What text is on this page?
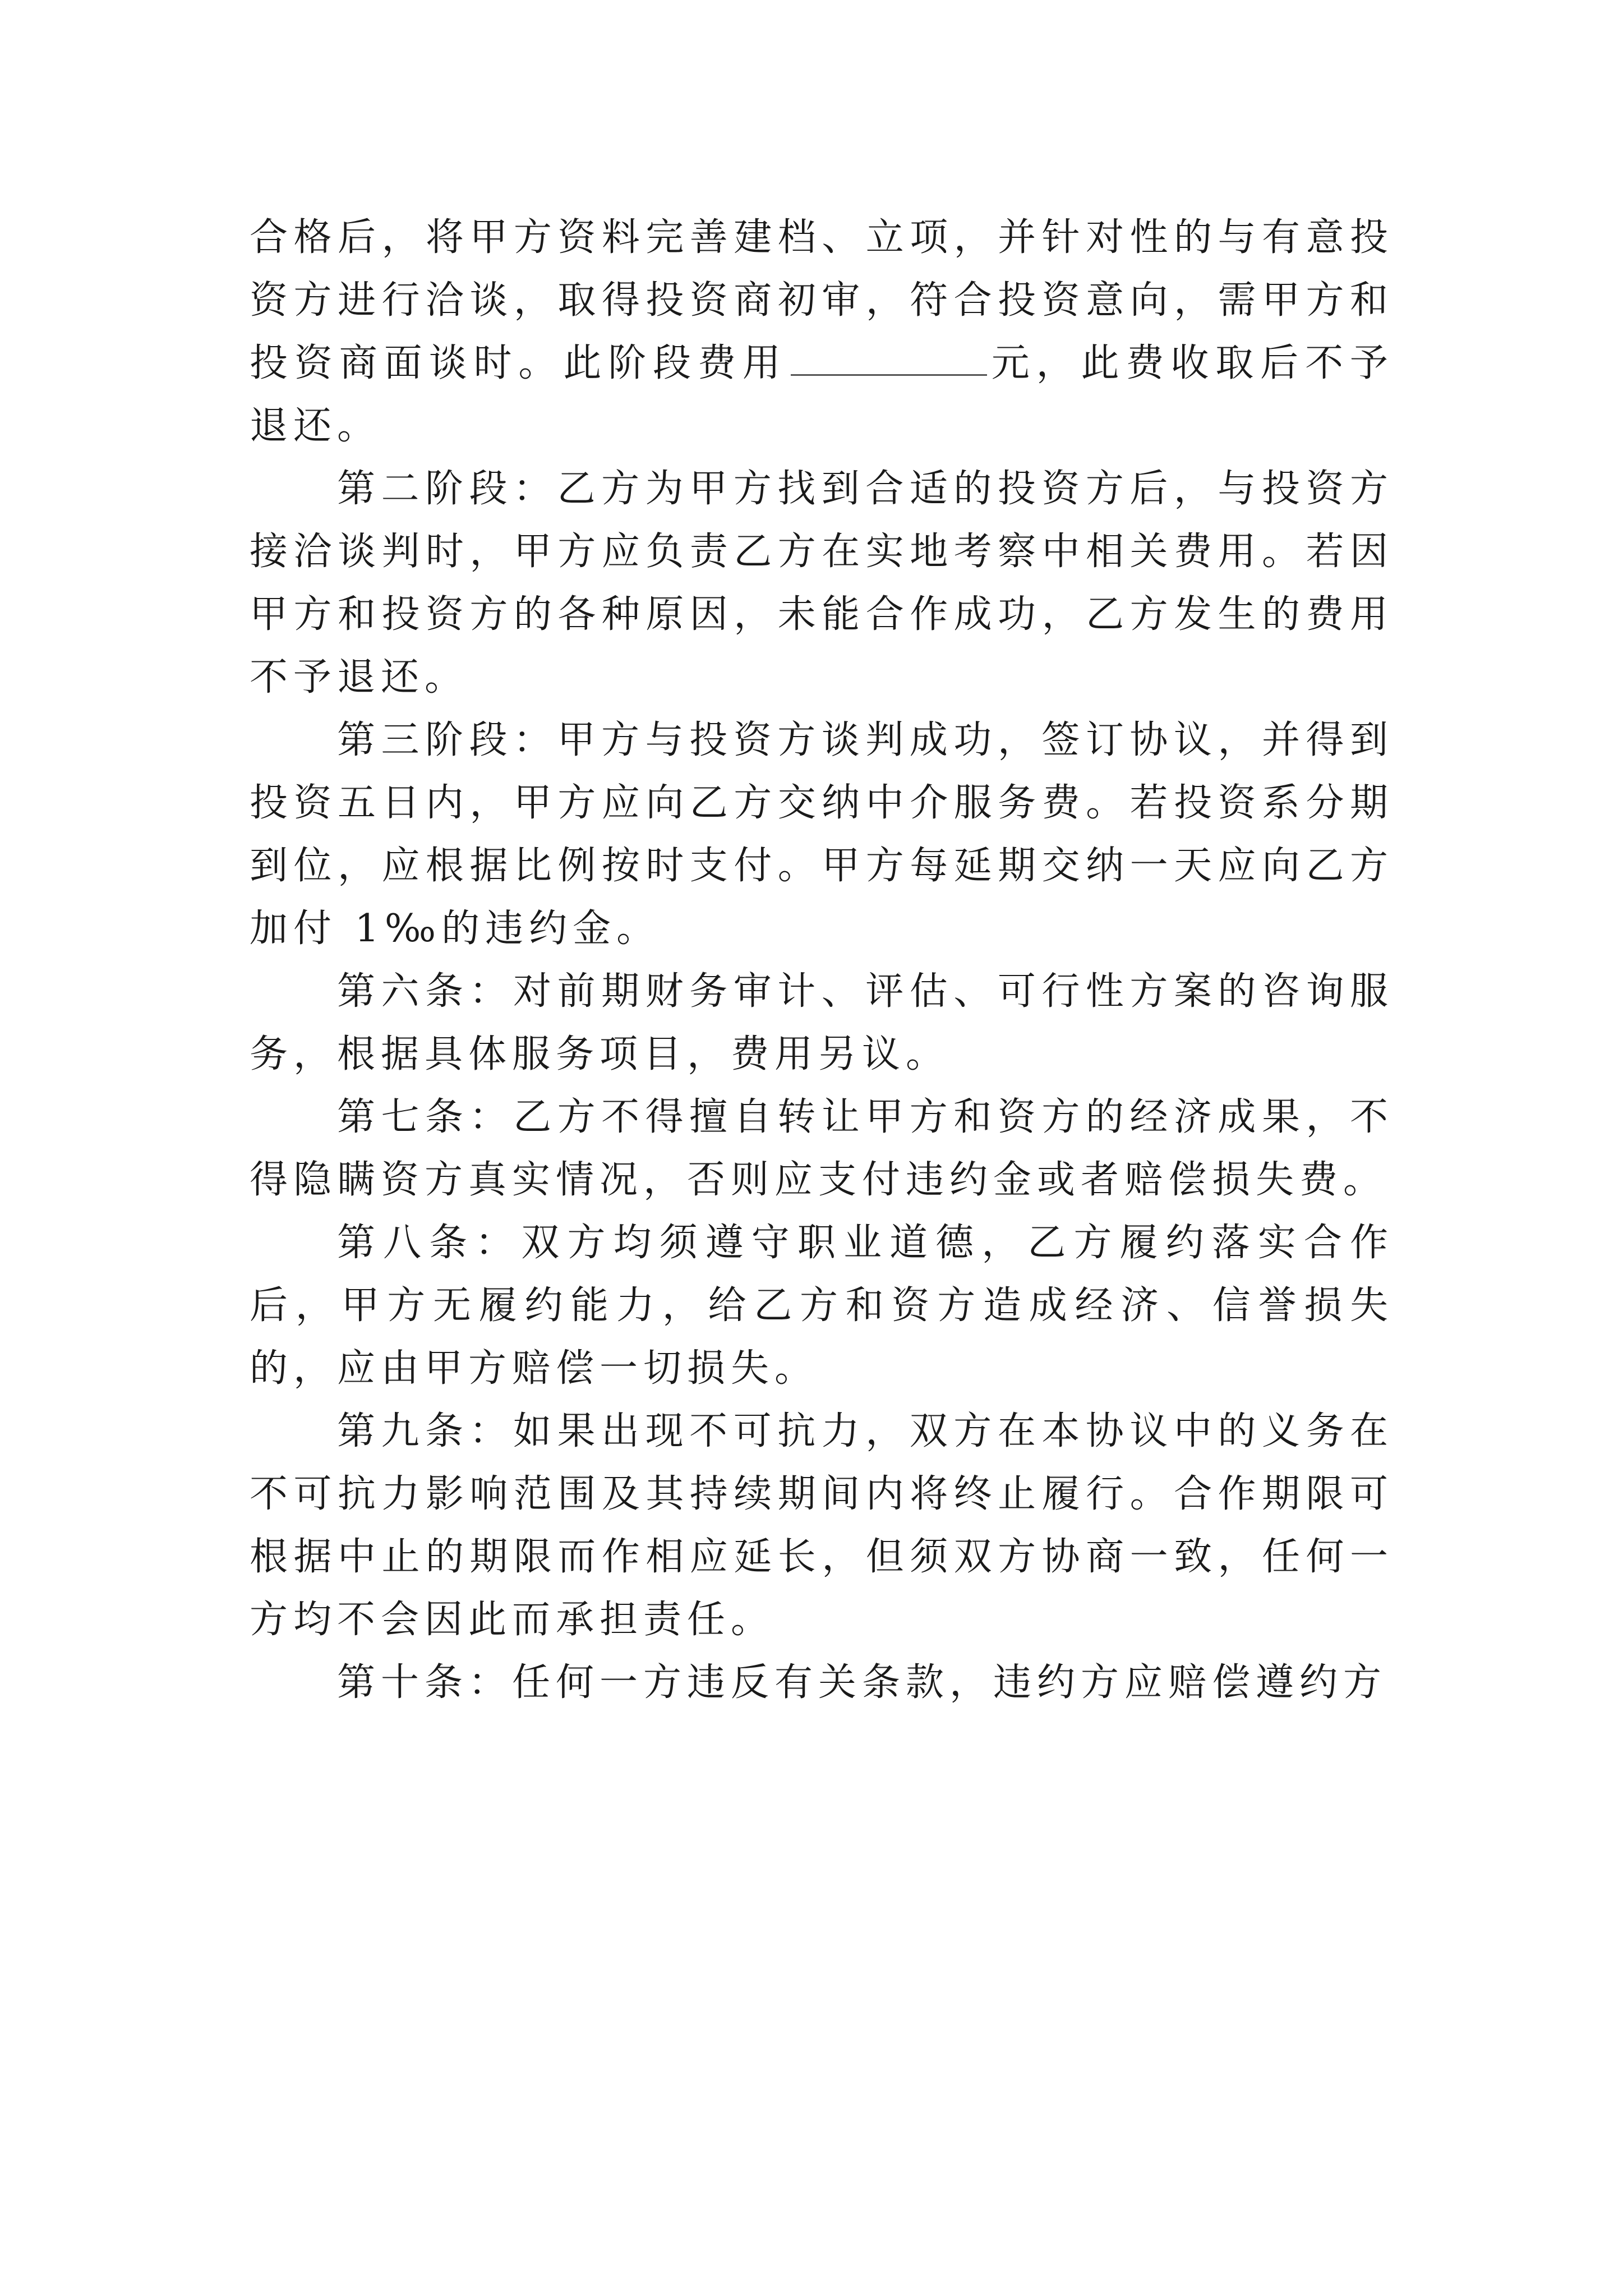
合格后，将甲方资料完善建档、立项，并针对性的与有意投资方进行洽谈，取得投资商初审，符合投资意向，需甲方和投资商面谈时。此阶段费用	元，此费收取后不予退还。

第二阶段：乙方为甲方找到合适的投资方后，与投资方接洽谈判时，甲方应负责乙方在实地考察中相关费用。若因甲方和投资方的各种原因，未能合作成功，乙方发生的费用不予退还。

第三阶段：甲方与投资方谈判成功，签订协议，并得到投资五日内，甲方应向乙方交纳中介服务费。若投资系分期到位，应根据比例按时支付。甲方每延期交纳一天应向乙方加付 1‰的违约金。

第六条：对前期财务审计、评估、可行性方案的咨询服务，根据具体服务项目，费用另议。

第七条：乙方不得擅自转让甲方和资方的经济成果，不得隐瞒资方真实情况，否则应支付违约金或者赔偿损失费。

第八条：双方均须遵守职业道德，乙方履约落实合作后，甲方无履约能力，给乙方和资方造成经济、信誉损失的，应由甲方赔偿一切损失。

第九条：如果出现不可抗力，双方在本协议中的义务在不可抗力影响范围及其持续期间内将终止履行。合作期限可根据中止的期限而作相应延长，但须双方协商一致，任何一方均不会因此而承担责任。

第十条：任何一方违反有关条款，违约方应赔偿遵约方
